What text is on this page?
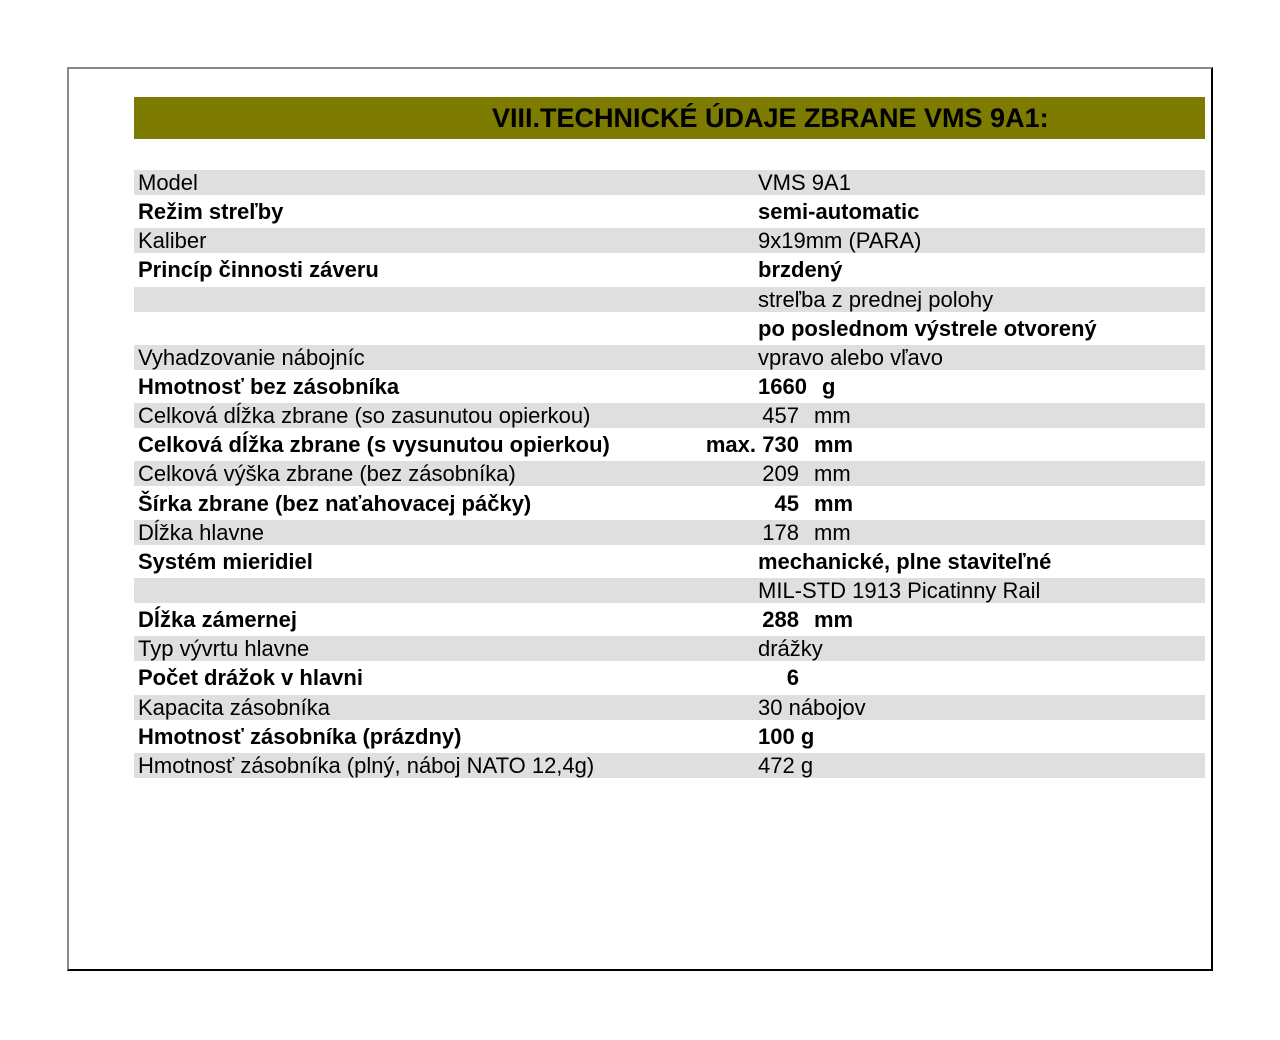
VIII.TECHNICKÉ ÚDAJE ZBRANE VMS 9A1:
Model	VMS 9A1
Režim streľby	semi-automatic
Kaliber	9x19mm (PARA)
Princíp činnosti záveru	brzdený
streľba z prednej polohy
po poslednom výstrele otvorený
Vyhadzovanie nábojníc	vpravo alebo vľavo
Hmotnosť bez zásobníka	1660 g
Celková dĺžka zbrane (so zasunutou opierkou)	457 mm
Celková dĺžka zbrane (s vysunutou opierkou)	max. 730 mm
Celková výška zbrane (bez zásobníka)	209 mm
Šírka zbrane (bez naťahovacej páčky)	45 mm
Dĺžka hlavne	178 mm
Systém mieridiel	mechanické, plne staviteľné
MIL-STD 1913 Picatinny Rail
Dĺžka zámernej	288 mm
Typ vývrtu hlavne	drážky
Počet drážok v hlavni	6
Kapacita zásobníka	30 nábojov
Hmotnosť zásobníka (prázdny)	100 g
Hmotnosť zásobníka (plný, náboj NATO 12,4g)	472 g
